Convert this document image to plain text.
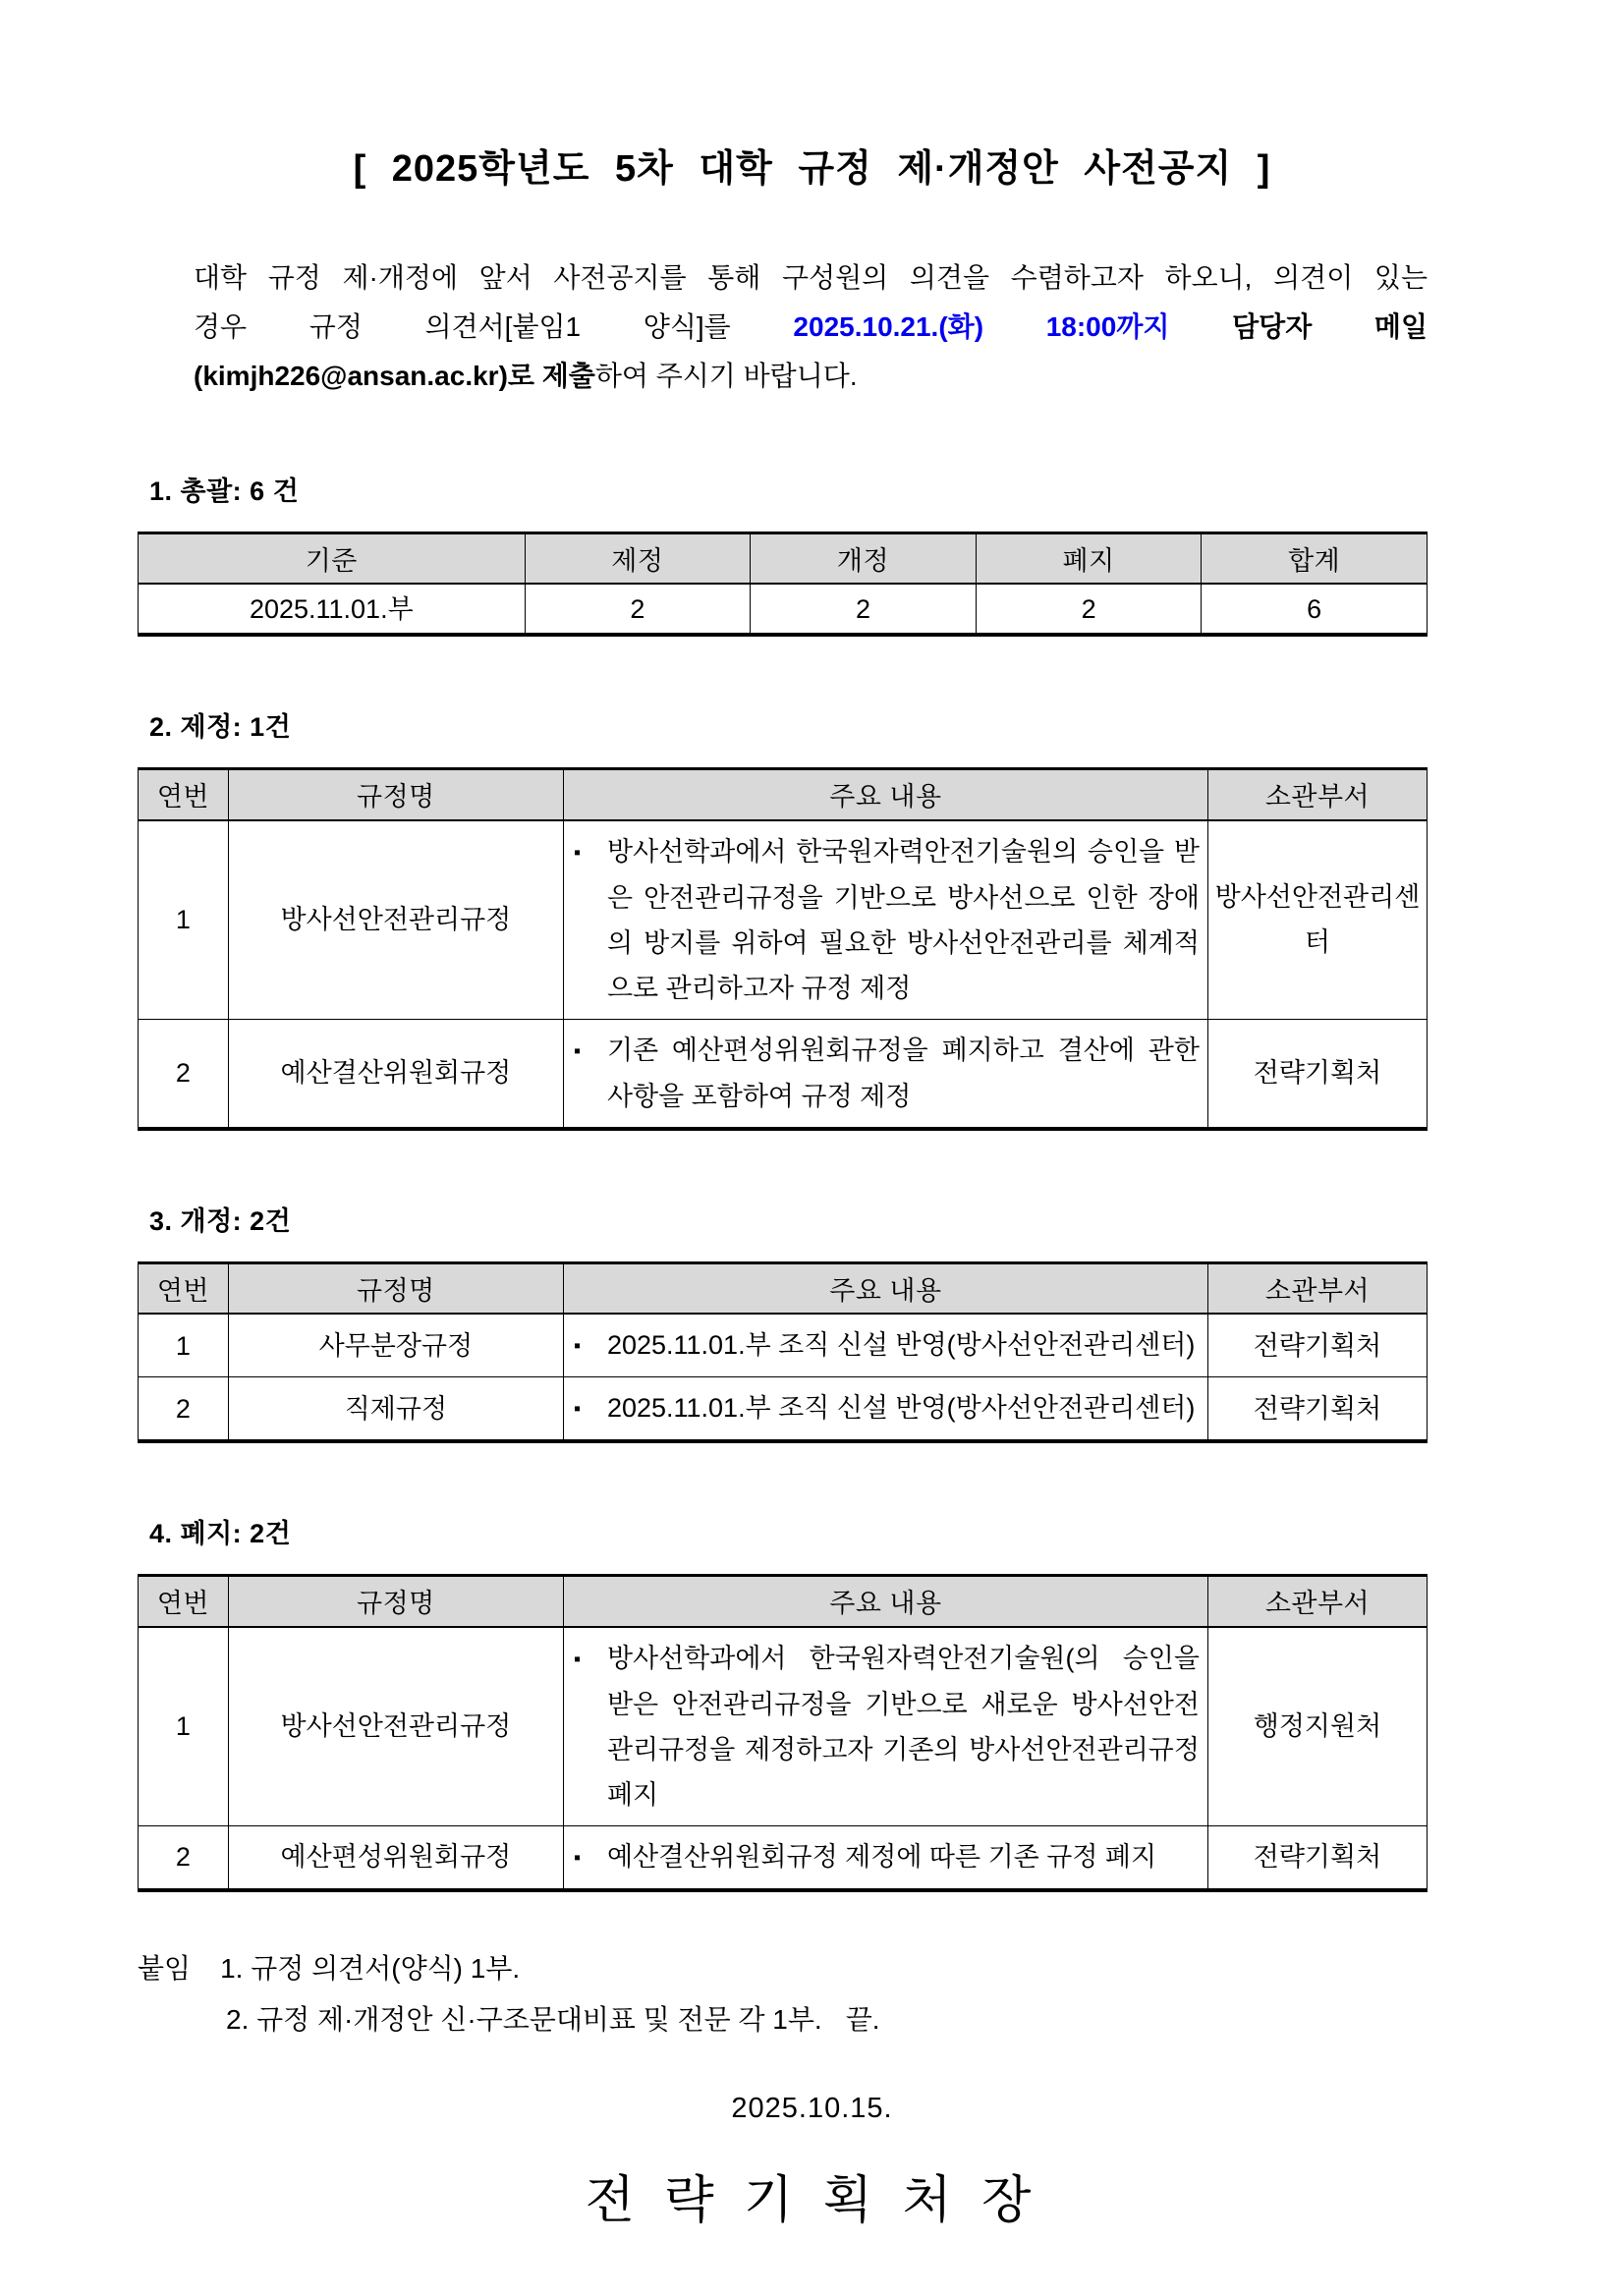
[ 2025학년도 5차 대학 규정 제·개정안 사전공지 ]
대학 규정 제·개정에 앞서 사전공지를 통해 구성원의 의견을 수렴하고자 하오니, 의견이 있는
경우 규정 의견서[붙임1 양식]를 2025.10.21.(화) 18:00까지 담당자 메일
(kimjh226@ansan.ac.kr)로 제출하여 주시기 바랍니다.
1. 총괄: 6 건
기준	제정	개정	폐지	합계
2025.11.01.부	2	2	2	6
2. 제정: 1건
연번	규정명	주요 내용	소관부서
1	방사선안전관리규정	▪ 방사선학과에서 한국원자력안전기술원의 승인을 받은 안전관리규정을 기반으로 방사선으로 인한 장애의 방지를 위하여 필요한 방사선안전관리를 체계적으로 관리하고자 규정 제정	방사선안전관리센터
2	예산결산위원회규정	▪ 기존 예산편성위원회규정을 폐지하고 결산에 관한 사항을 포함하여 규정 제정	전략기획처
3. 개정: 2건
연번	규정명	주요 내용	소관부서
1	사무분장규정	▪ 2025.11.01.부 조직 신설 반영(방사선안전관리센터)	전략기획처
2	직제규정	▪ 2025.11.01.부 조직 신설 반영(방사선안전관리센터)	전략기획처
4. 폐지: 2건
연번	규정명	주요 내용	소관부서
1	방사선안전관리규정	▪ 방사선학과에서 한국원자력안전기술원(의 승인을 받은 안전관리규정을 기반으로 새로운 방사선안전관리규정을 제정하고자 기존의 방사선안전관리규정 폐지	행정지원처
2	예산편성위원회규정	▪ 예산결산위원회규정 제정에 따른 기존 규정 폐지	전략기획처
붙임 1. 규정 의견서(양식) 1부.
2. 규정 제·개정안 신·구조문대비표 및 전문 각 1부. 끝.
2025.10.15.
전 략 기 획 처 장
